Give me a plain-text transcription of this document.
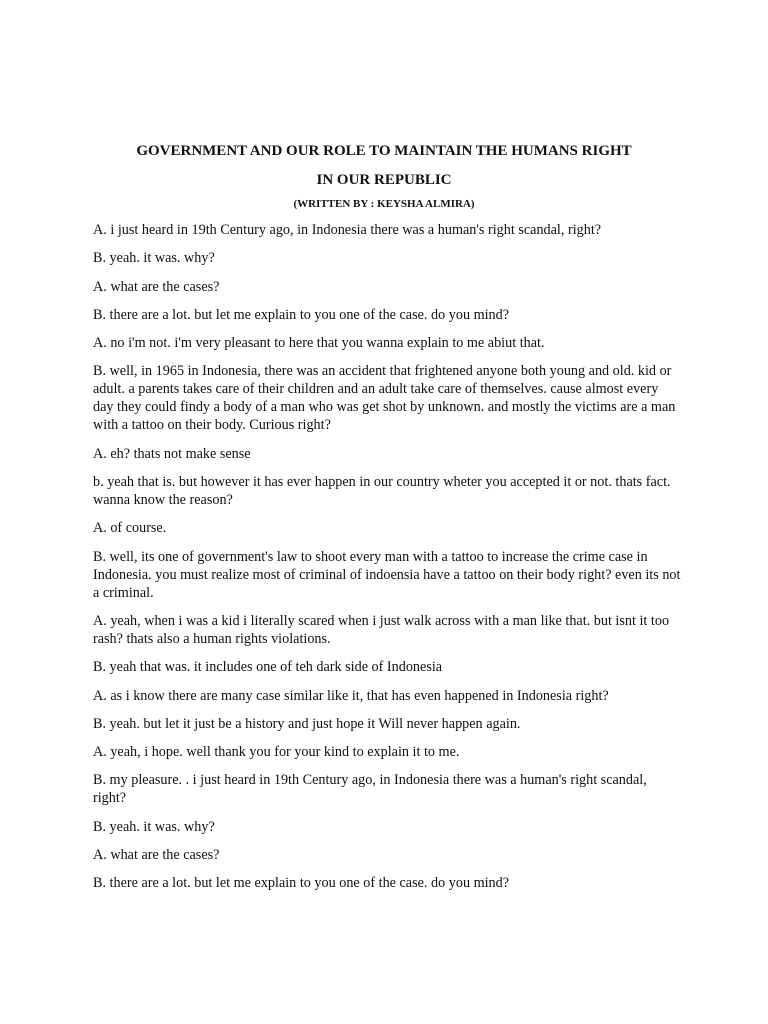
GOVERNMENT AND OUR ROLE TO MAINTAIN THE HUMANS RIGHT
IN OUR REPUBLIC

(WRITTEN BY : KEYSHA ALMIRA)

A. i just heard in 19th Century ago, in Indonesia there was a human's right scandal, right?

B. yeah. it was. why?

A. what are the cases?

B. there are a lot. but let me explain to you one of the case. do you mind?

A. no i'm not. i'm very pleasant to here that you wanna explain to me abiut that.

B. well, in 1965 in Indonesia, there was an accident that frightened anyone both young and old. kid or adult. a parents takes care of their children and an adult take care of themselves. cause almost every day they could findy a body of a man who was get shot by unknown. and mostly the victims are a man with a tattoo on their body. Curious right?

A. eh? thats not make sense

b. yeah that is. but however it has ever happen in our country wheter you accepted it or not. thats fact. wanna know the reason?

A. of course.

B. well, its one of government's law to shoot every man with a tattoo to increase the crime case in Indonesia. you must realize most of criminal of indoensia have a tattoo on their body right? even its not a criminal.

A. yeah, when i was a kid i literally scared when i just walk across with a man like that. but isnt it too rash? thats also a human rights violations.

B. yeah that was. it includes one of teh dark side of Indonesia

A. as i know there are many case similar like it, that has even happened in Indonesia right?

B. yeah. but let it just be a history and just hope it Will never happen again.

A. yeah, i hope. well thank you for your kind to explain it to me.

B. my pleasure. . i just heard in 19th Century ago, in Indonesia there was a human's right scandal, right?

B. yeah. it was. why?

A. what are the cases?

B. there are a lot. but let me explain to you one of the case. do you mind?
